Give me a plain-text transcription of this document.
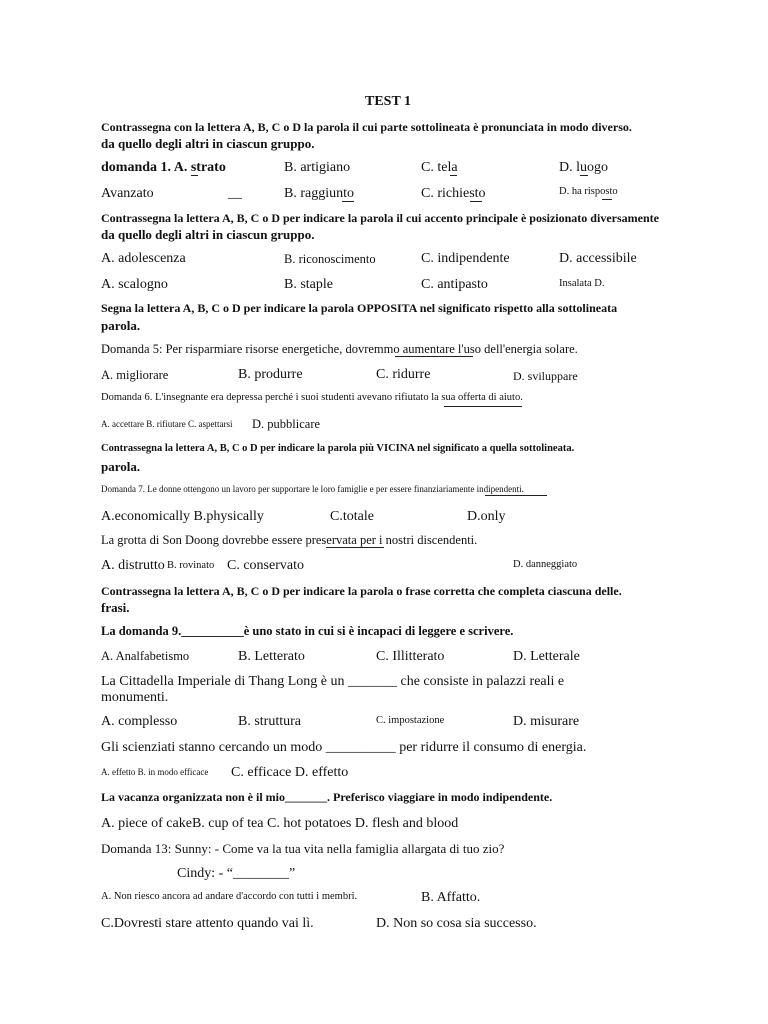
TEST 1
Contrassegna con la lettera A, B, C o D la parola il cui parte sottolineata è pronunciata in modo diverso.
da quello degli altri in ciascun gruppo.
domanda 1. A. strato	B. artigiano	C. tela	D. luogo
Avanzato	__	B. raggiunto	C. richiesto	D. ha risposto
Contrassegna la lettera A, B, C o D per indicare la parola il cui accento principale è posizionato diversamente
da quello degli altri in ciascun gruppo.
A. adolescenza	B. riconoscimento	C. indipendente	D. accessibile
A. scalogno	B. staple	C. antipasto	Insalata D.
Segna la lettera A, B, C o D per indicare la parola OPPOSITA nel significato rispetto alla sottolineata
parola.
Domanda 5: Per risparmiare risorse energetiche, dovremmo aumentare l'uso dell'energia solare.
A. migliorare	B. produrre	C. ridurre	D. sviluppare
Domanda 6. L'insegnante era depressa perché i suoi studenti avevano rifiutato la sua offerta di aiuto.
A. accettare B. rifiutare C. aspettarsi D. pubblicare
Contrassegna la lettera A, B, C o D per indicare la parola più VICINA nel significato a quella sottolineata.
parola.
Domanda 7. Le donne ottengono un lavoro per supportare le loro famiglie e per essere finanziariamente indipendenti.
A.economically B.physically	C.totale	D.only
La grotta di Son Doong dovrebbe essere preservata per i nostri discendenti.
A. distrutto B. rovinato C. conservato	D. danneggiato
Contrassegna la lettera A, B, C o D per indicare la parola o frase corretta che completa ciascuna delle.
frasi.
La domanda 9.__________è uno stato in cui si è incapaci di leggere e scrivere.
A. Analfabetismo	B. Letterato	C. Illitterato	D. Letterale
La Cittadella Imperiale di Thang Long è un _______ che consiste in palazzi reali e
monumenti.
A. complesso	B. struttura	C. impostazione	D. misurare
Gli scienziati stanno cercando un modo __________ per ridurre il consumo di energia.
A. effetto B. in modo efficace C. efficace D. effetto
La vacanza organizzata non è il mio_______. Preferisco viaggiare in modo indipendente.
A. piece of cakeB. cup of tea C. hot potatoes D. flesh and blood
Domanda 13: Sunny: - Come va la tua vita nella famiglia allargata di tuo zio?
Cindy: - “________”
A. Non riesco ancora ad andare d'accordo con tutti i membri.	B. Affatto.
C.Dovresti stare attento quando vai lì.	D. Non so cosa sia successo.
